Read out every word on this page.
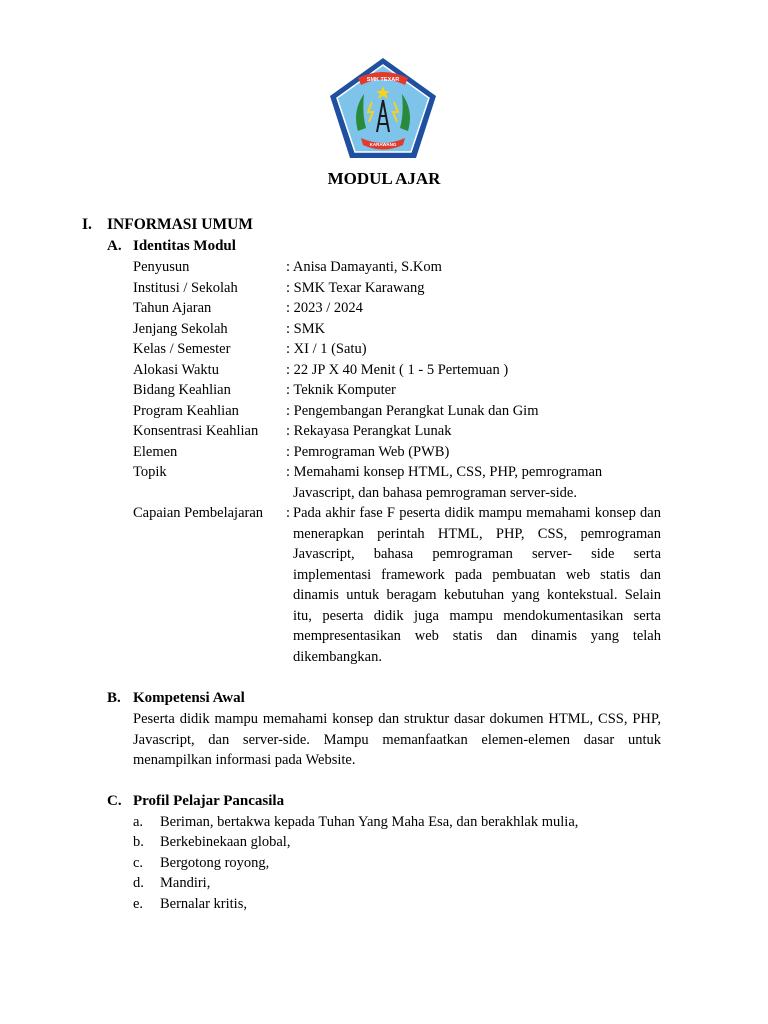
SMK TEXAR
KARAWANG
MODUL AJAR
I. INFORMASI UMUM
A. Identitas Modul
Penyusun	: Anisa Damayanti, S.Kom
Institusi / Sekolah	: SMK Texar Karawang
Tahun Ajaran	: 2023 / 2024
Jenjang Sekolah	: SMK
Kelas / Semester	: XI / 1 (Satu)
Alokasi Waktu	: 22 JP X 40 Menit ( 1 - 5 Pertemuan )
Bidang Keahlian	: Teknik Komputer
Program Keahlian	: Pengembangan Perangkat Lunak dan Gim
Konsentrasi Keahlian : Rekayasa Perangkat Lunak
Elemen	: Pemrograman Web (PWB)
Topik	: Memahami konsep HTML, CSS, PHP, pemrograman
Javascript, dan bahasa pemrograman server-side.
Capaian Pembelajaran : Pada akhir fase F peserta didik mampu memahami konsep dan menerapkan perintah HTML, PHP, CSS, pemrograman Javascript, bahasa pemrograman server- side serta implementasi framework pada pembuatan web statis dan dinamis untuk beragam kebutuhan yang kontekstual. Selain itu, peserta didik juga mampu mendokumentasikan serta mempresentasikan web statis dan dinamis yang telah dikembangkan.
B. Kompetensi Awal
Peserta didik mampu memahami konsep dan struktur dasar dokumen HTML, CSS, PHP, Javascript, dan server-side. Mampu memanfaatkan elemen-elemen dasar untuk menampilkan informasi pada Website.
C. Profil Pelajar Pancasila
a. Beriman, bertakwa kepada Tuhan Yang Maha Esa, dan berakhlak mulia,
b. Berkebinekaan global,
c. Bergotong royong,
d. Mandiri,
e. Bernalar kritis,
